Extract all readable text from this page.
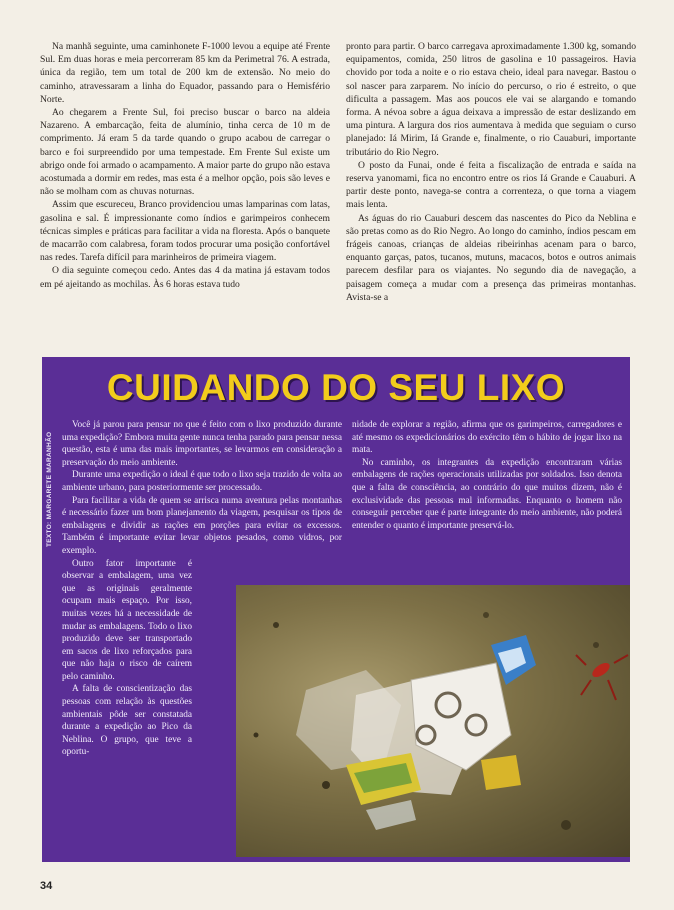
Na manhã seguinte, uma caminhonete F-1000 levou a equipe até Frente Sul. Em duas horas e meia percorreram 85 km da Perimetral 76. A estrada, única da região, tem um total de 200 km de extensão. No meio do caminho, atravessaram a linha do Equador, passando para o Hemisfério Norte.

Ao chegarem a Frente Sul, foi preciso buscar o barco na aldeia Nazareno. A embarcação, feita de alumínio, tinha cerca de 10 m de comprimento. Já eram 5 da tarde quando o grupo acabou de carregar o barco e foi surpreendido por uma tempestade. Em Frente Sul existe um abrigo onde foi armado o acampamento. A maior parte do grupo não estava acostumada a dormir em redes, mas esta é a melhor opção, pois são leves e não se molham com as chuvas noturnas.

Assim que escureceu, Branco providenciou umas lamparinas com latas, gasolina e sal. É impressionante como índios e garimpeiros conhecem técnicas simples e práticas para facilitar a vida na floresta. Após o banquete de macarrão com calabresa, foram todos procurar uma posição confortável nas redes. Tarefa difícil para marinheiros de primeira viagem.

O dia seguinte começou cedo. Antes das 4 da matina já estavam todos em pé ajeitando as mochilas. Às 6 horas estava tudo

pronto para partir. O barco carregava aproximadamente 1.300 kg, somando equipamentos, comida, 250 litros de gasolina e 10 passageiros. Havia chovido por toda a noite e o rio estava cheio, ideal para navegar. Bastou o sol nascer para zarparem. No início do percurso, o rio é estreito, o que dificulta a passagem. Mas aos poucos ele vai se alargando e tomando forma. A névoa sobre a água deixava a impressão de estar deslizando em uma pintura. A largura dos rios aumentava à medida que seguiam o curso planejado: Iá Mirim, Iá Grande e, finalmente, o rio Cauaburi, importante tributário do Rio Negro.

O posto da Funai, onde é feita a fiscalização de entrada e saída na reserva yanomami, fica no encontro entre os rios Iá Grande e Cauaburi. A partir deste ponto, navega-se contra a correnteza, o que torna a viagem mais lenta.

As águas do rio Cauaburi descem das nascentes do Pico da Neblina e são pretas como as do Rio Negro. Ao longo do caminho, índios pescam em frágeis canoas, crianças de aldeias ribeirinhas acenam para o barco, enquanto garças, patos, tucanos, mutuns, macacos, botos e outros animais parecem desfilar para os viajantes. No segundo dia de navegação, a paisagem começa a mudar com a presença das primeiras montanhas. Avista-se a

CUIDANDO DO SEU LIXO
TEXTO: MARGARETE MARANHÃO

Você já parou para pensar no que é feito com o lixo produzido durante uma expedição? Embora muita gente nunca tenha parado para pensar nessa questão, esta é uma das mais importantes, se levarmos em consideração a preservação do meio ambiente.

Durante uma expedição o ideal é que todo o lixo seja trazido de volta ao ambiente urbano, para posteriormente ser processado.

Para facilitar a vida de quem se arrisca numa aventura pelas montanhas é necessário fazer um bom planejamento da viagem, pesquisar os tipos de embalagens e dividir as rações em porções para evitar os excessos. Também é importante evitar levar objetos pesados, como vidros, por exemplo.

Outro fator importante é observar a embalagem, uma vez que as originais geralmente ocupam mais espaço. Por isso, muitas vezes há a necessidade de mudar as embalagens. Todo o lixo produzido deve ser transportado em sacos de lixo reforçados para que não haja o risco de caírem pelo caminho.

A falta de conscientização das pessoas com relação às questões ambientais pôde ser constatada durante a expedição ao Pico da Neblina. O grupo, que teve a oportu-

nidade de explorar a região, afirma que os garimpeiros, carregadores e até mesmo os expedicionários do exército têm o hábito de jogar lixo na mata.

No caminho, os integrantes da expedição encontraram várias embalagens de rações operacionais utilizadas por soldados. Isso denota que a falta de consciência, ao contrário do que muitos dizem, não é exclusividade das pessoas mal informadas. Enquanto o homem não conseguir perceber que é parte integrante do meio ambiente, não poderá entender o quanto é importante preservá-lo.

34
